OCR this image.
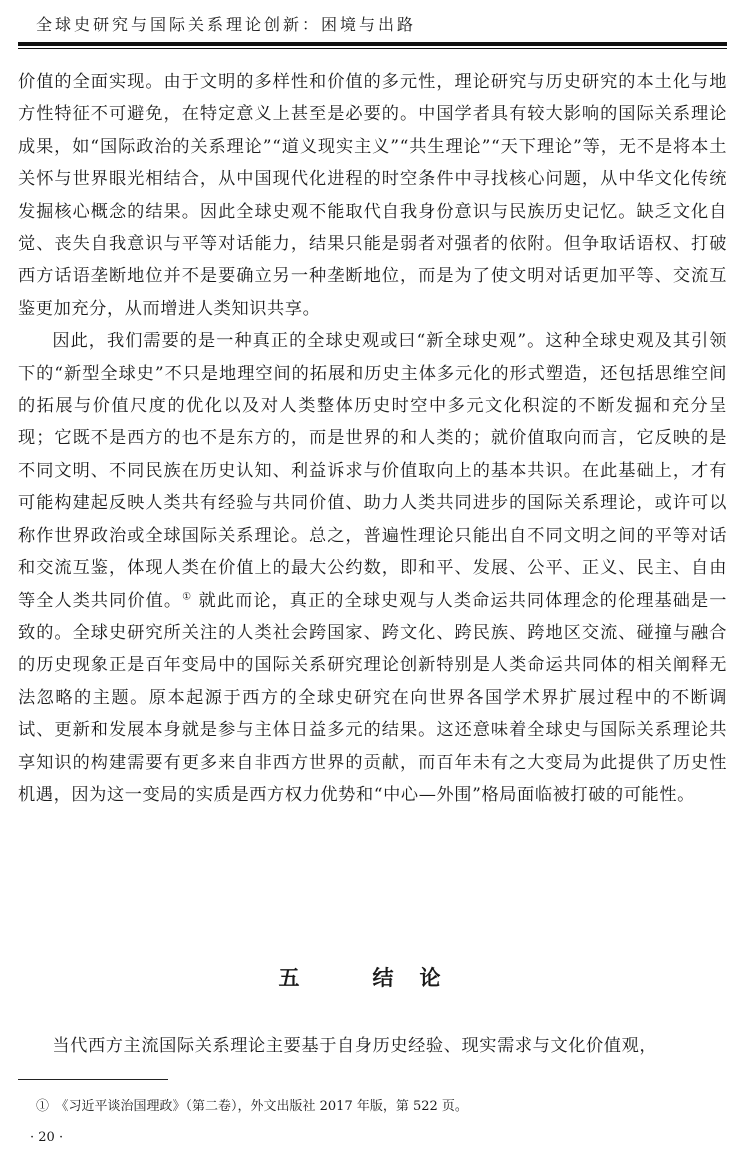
全球史研究与国际关系理论创新：困境与出路

价值的全面实现。由于文明的多样性和价值的多元性，理论研究与历史研究的本土化与地方性特征不可避免，在特定意义上甚至是必要的。中国学者具有较大影响的国际关系理论成果，如“国际政治的关系理论”“道义现实主义”“共生理论”“天下理论”等，无不是将本土关怀与世界眼光相结合，从中国现代化进程的时空条件中寻找核心问题，从中华文化传统发掘核心概念的结果。因此全球史观不能取代自我身份意识与民族历史记忆。缺乏文化自觉、丧失自我意识与平等对话能力，结果只能是弱者对强者的依附。但争取话语权、打破西方话语垄断地位并不是要确立另一种垄断地位，而是为了使文明对话更加平等、交流互鉴更加充分，从而增进人类知识共享。

因此，我们需要的是一种真正的全球史观或曰“新全球史观”。这种全球史观及其引领下的“新型全球史”不只是地理空间的拓展和历史主体多元化的形式塑造，还包括思维空间的拓展与价值尺度的优化以及对人类整体历史时空中多元文化积淀的不断发掘和充分呈现；它既不是西方的也不是东方的，而是世界的和人类的；就价值取向而言，它反映的是不同文明、不同民族在历史认知、利益诉求与价值取向上的基本共识。在此基础上，才有可能构建起反映人类共有经验与共同价值、助力人类共同进步的国际关系理论，或许可以称作世界政治或全球国际关系理论。总之，普遍性理论只能出自不同文明之间的平等对话和交流互鉴，体现人类在价值上的最大公约数，即和平、发展、公平、正义、民主、自由等全人类共同价值。① 就此而论，真正的全球史观与人类命运共同体理念的伦理基础是一致的。全球史研究所关注的人类社会跨国家、跨文化、跨民族、跨地区交流、碰撞与融合的历史现象正是百年变局中的国际关系研究理论创新特别是人类命运共同体的相关阐释无法忽略的主题。原本起源于西方的全球史研究在向世界各国学术界扩展过程中的不断调试、更新和发展本身就是参与主体日益多元的结果。这还意味着全球史与国际关系理论共享知识的构建需要有更多来自非西方世界的贡献，而百年未有之大变局为此提供了历史性机遇，因为这一变局的实质是西方权力优势和“中心—外围”格局面临被打破的可能性。

五　结论
当代西方主流国际关系理论主要基于自身历史经验、现实需求与文化价值观，
①　《习近平谈治国理政》（第二卷），外文出版社 2017 年版，第 522 页。
· 20 ·
